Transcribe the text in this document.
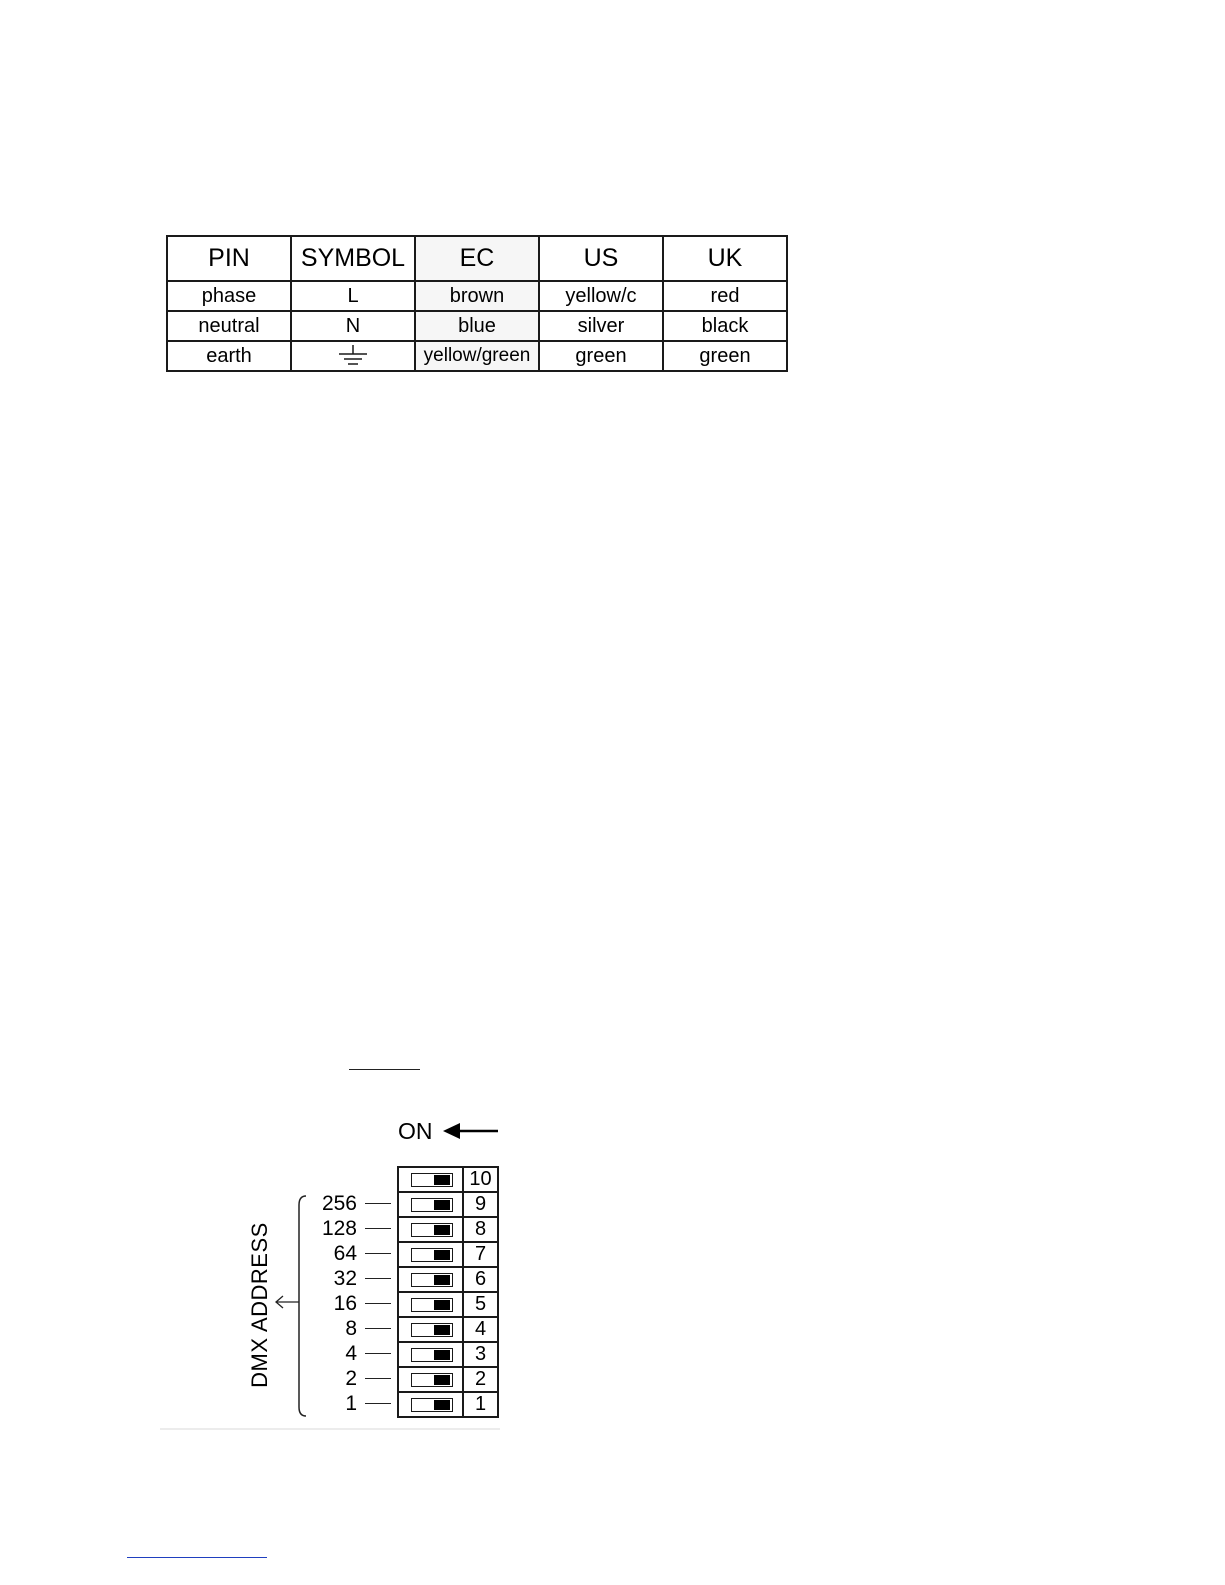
PIN	SYMBOL	EC	US	UK
phase	L	brown	yellow/c	red
neutral	N	blue	silver	black
earth		yellow/green	green	green
ON
DMX ADDRESS
256
128
64
32
16
8
4
2
1
10
9
8
7
6
5
4
3
2
1
